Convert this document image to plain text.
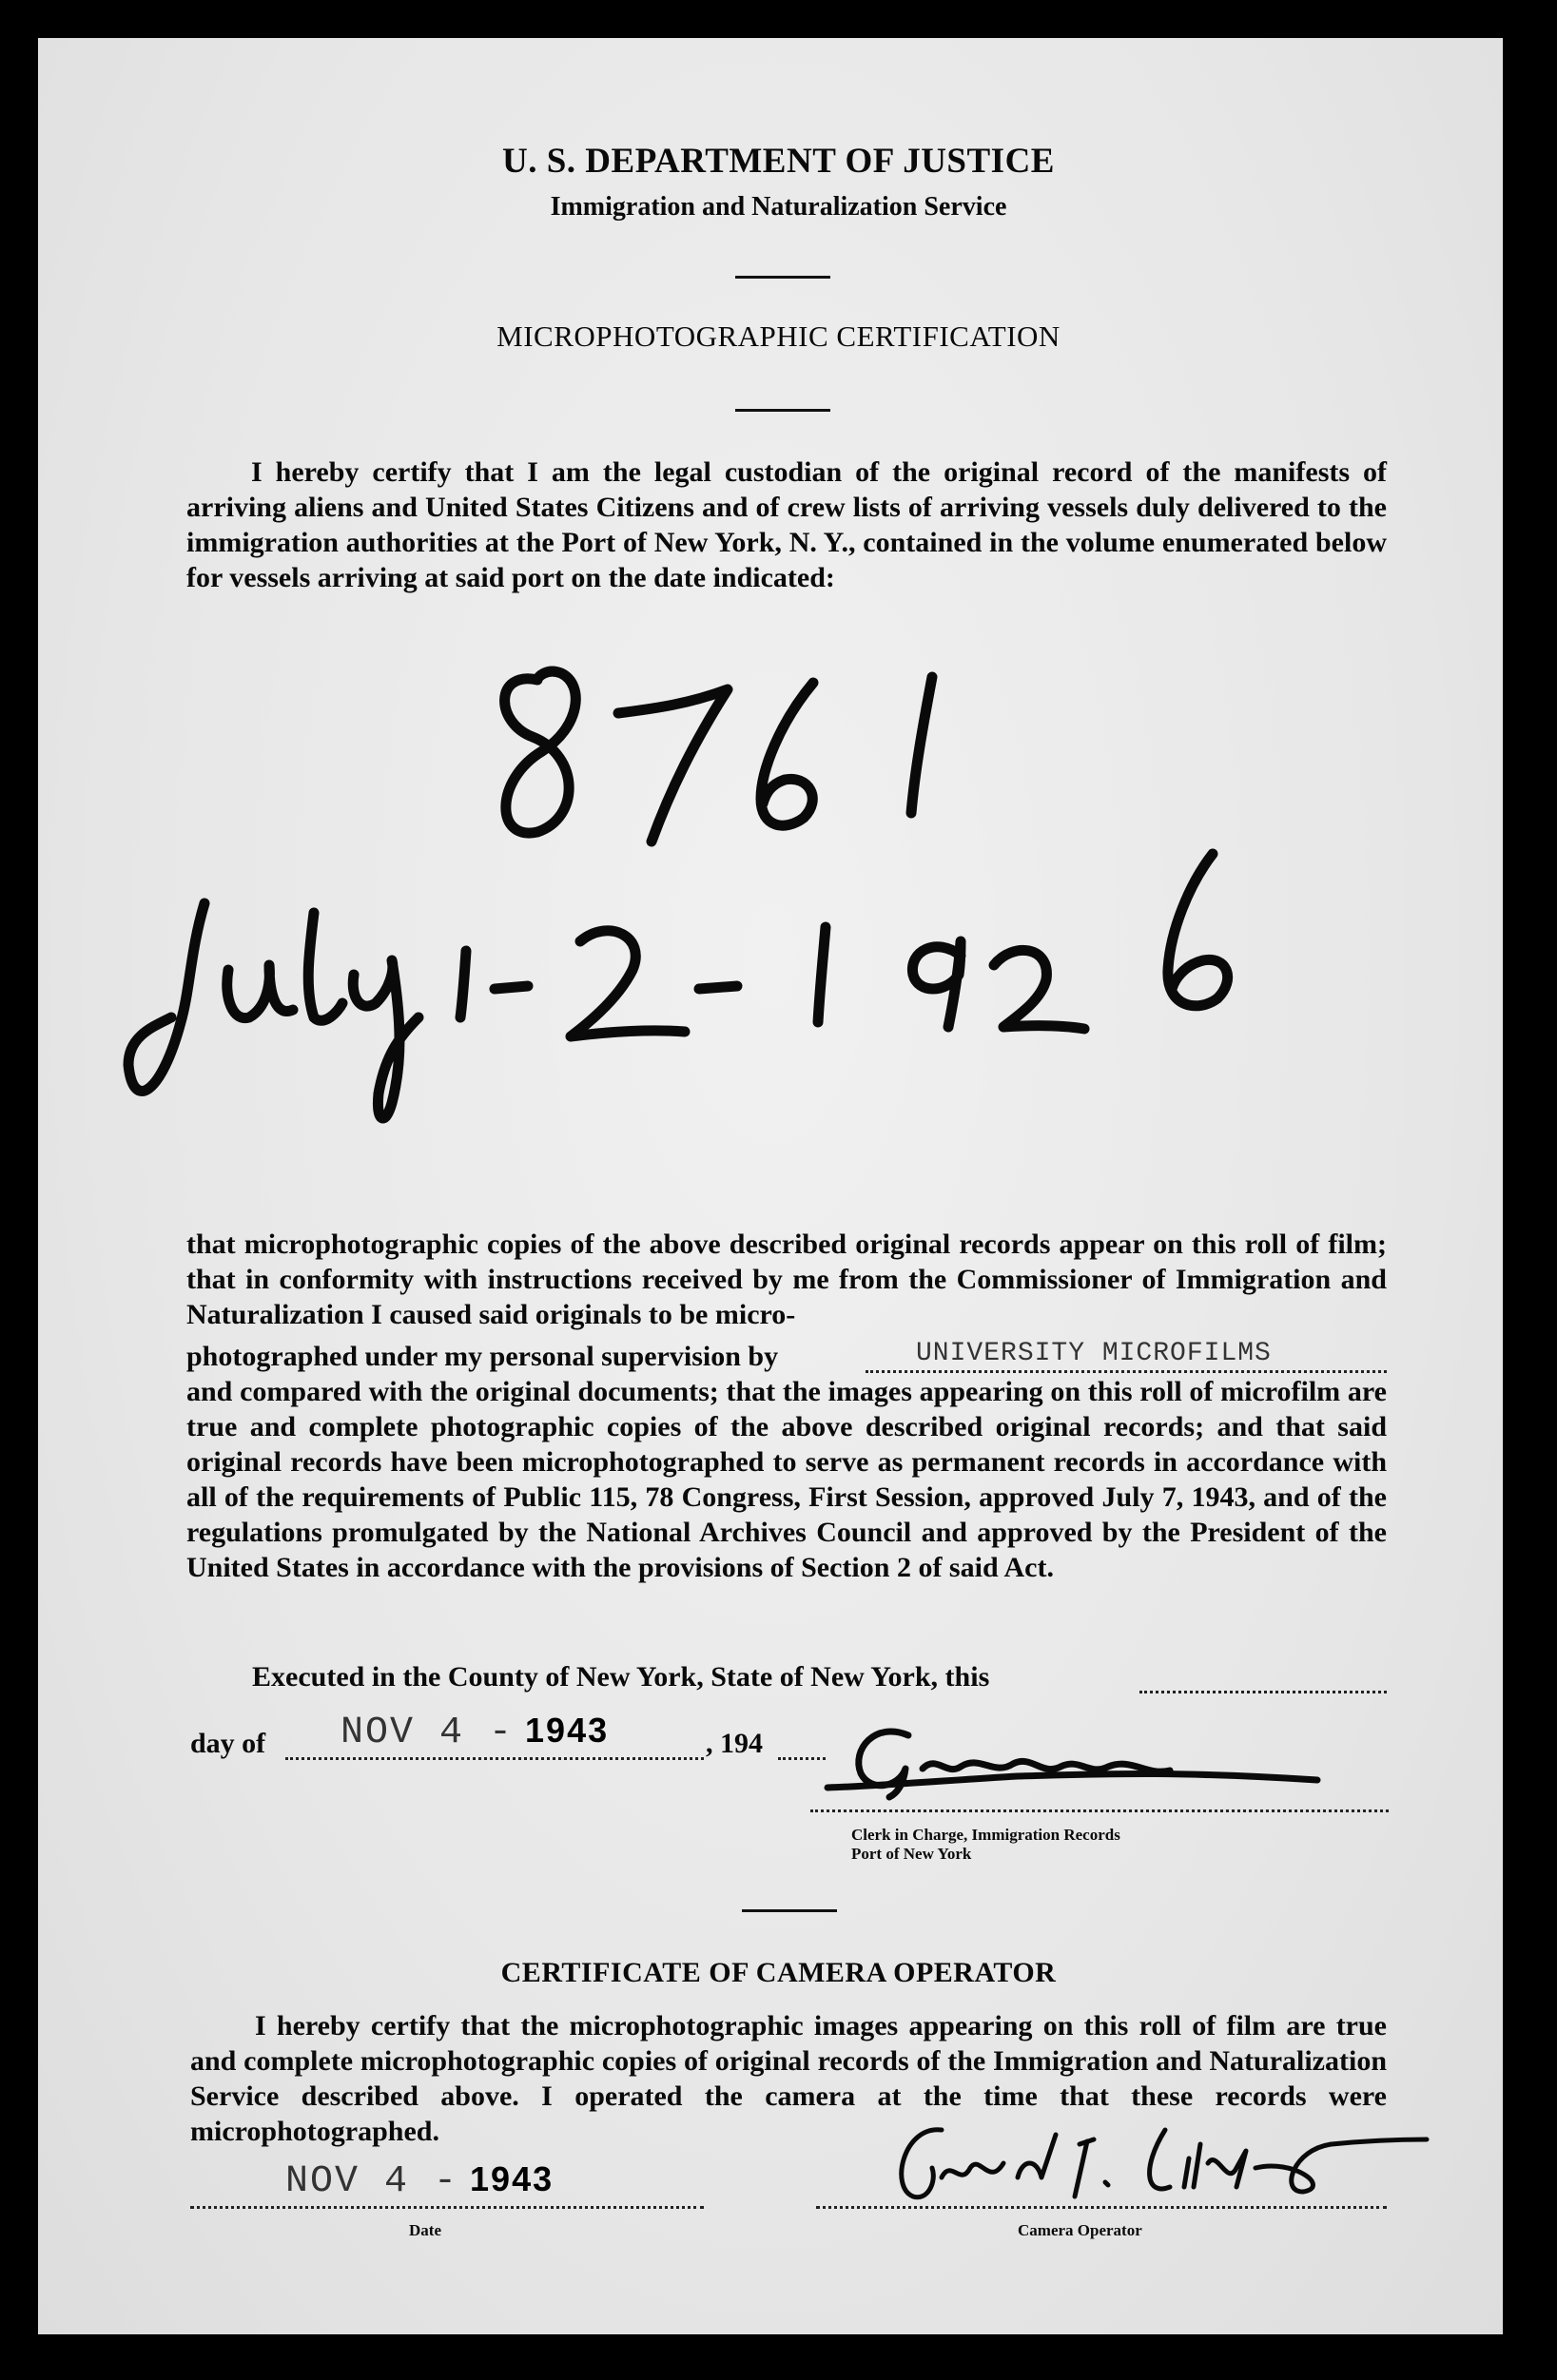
U. S. DEPARTMENT OF JUSTICE
Immigration and Naturalization Service
MICROPHOTOGRAPHIC CERTIFICATION
I hereby certify that I am the legal custodian of the original record of the manifests of arriving aliens and United States Citizens and of crew lists of arriving vessels duly delivered to the immigration authorities at the Port of New York, N. Y., contained in the volume enumerated below for vessels arriving at said port on the date indicated:
that microphotographic copies of the above described original records appear on this roll of film; that in conformity with instructions received by me from the Commissioner of Immigration and Naturalization I caused said originals to be micro-
photographed under my personal supervision by	UNIVERSITY MICROFILMS
and compared with the original documents; that the images appearing on this roll of microfilm are true and complete photographic copies of the above described original records; and that said original records have been microphotographed to serve as permanent records in accordance with all of the requirements of Public 115, 78 Congress, First Session, approved July 7, 1943, and of the regulations promulgated by the National Archives Council and approved by the President of the United States in accordance with the provisions of Section 2 of said Act.
Executed in the County of New York, State of New York, this
day of NOV 4 - 1943	, 194
Clerk in Charge, Immigration Records
Port of New York
CERTIFICATE OF CAMERA OPERATOR
I hereby certify that the microphotographic images appearing on this roll of film are true and complete microphotographic copies of original records of the Immigration and Naturalization Service described above. I operated the camera at the time that these records were microphotographed.
NOV 4 - 1943
Date	Camera Operator
